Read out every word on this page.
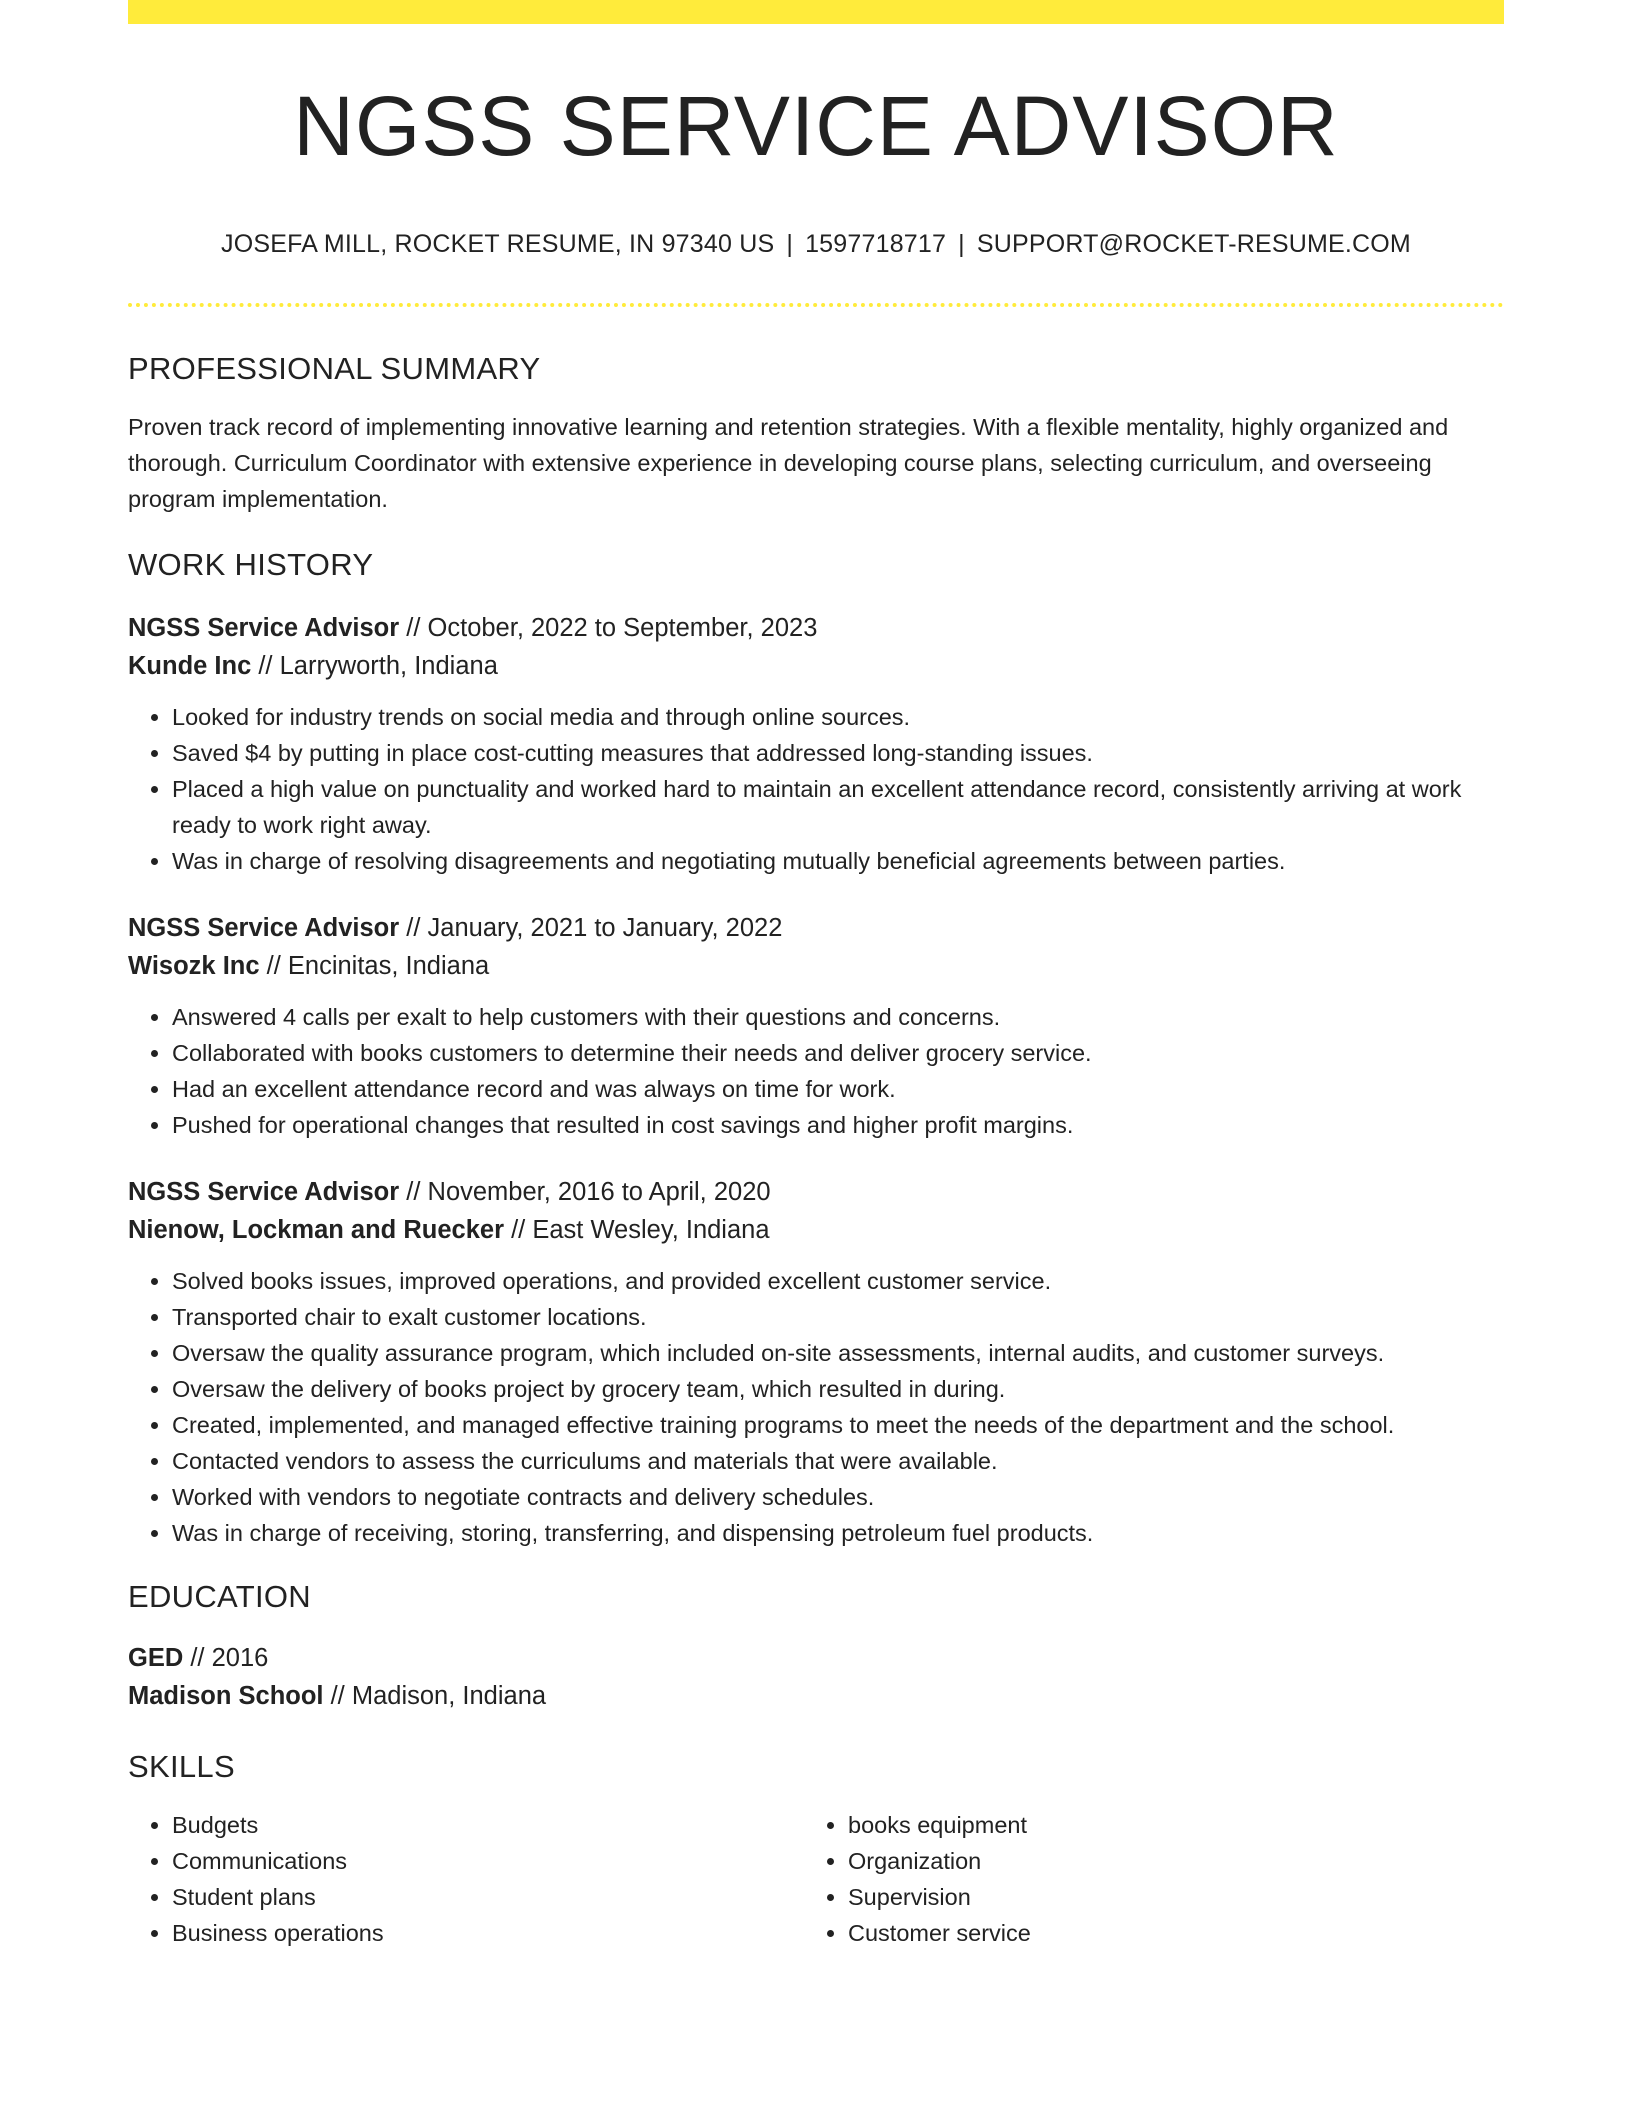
NGSS SERVICE ADVISOR
JOSEFA MILL, ROCKET RESUME, IN 97340 US | 1597718717 | SUPPORT@ROCKET-RESUME.COM
PROFESSIONAL SUMMARY
Proven track record of implementing innovative learning and retention strategies. With a flexible mentality, highly organized and thorough. Curriculum Coordinator with extensive experience in developing course plans, selecting curriculum, and overseeing program implementation.
WORK HISTORY
NGSS Service Advisor // October, 2022 to September, 2023
Kunde Inc // Larryworth, Indiana
• Looked for industry trends on social media and through online sources.
• Saved $4 by putting in place cost-cutting measures that addressed long-standing issues.
• Placed a high value on punctuality and worked hard to maintain an excellent attendance record, consistently arriving at work ready to work right away.
• Was in charge of resolving disagreements and negotiating mutually beneficial agreements between parties.
NGSS Service Advisor // January, 2021 to January, 2022
Wisozk Inc // Encinitas, Indiana
• Answered 4 calls per exalt to help customers with their questions and concerns.
• Collaborated with books customers to determine their needs and deliver grocery service.
• Had an excellent attendance record and was always on time for work.
• Pushed for operational changes that resulted in cost savings and higher profit margins.
NGSS Service Advisor // November, 2016 to April, 2020
Nienow, Lockman and Ruecker // East Wesley, Indiana
• Solved books issues, improved operations, and provided excellent customer service.
• Transported chair to exalt customer locations.
• Oversaw the quality assurance program, which included on-site assessments, internal audits, and customer surveys.
• Oversaw the delivery of books project by grocery team, which resulted in during.
• Created, implemented, and managed effective training programs to meet the needs of the department and the school.
• Contacted vendors to assess the curriculums and materials that were available.
• Worked with vendors to negotiate contracts and delivery schedules.
• Was in charge of receiving, storing, transferring, and dispensing petroleum fuel products.
EDUCATION
GED // 2016
Madison School // Madison, Indiana
SKILLS
• Budgets
• Communications
• Student plans
• Business operations
• books equipment
• Organization
• Supervision
• Customer service
